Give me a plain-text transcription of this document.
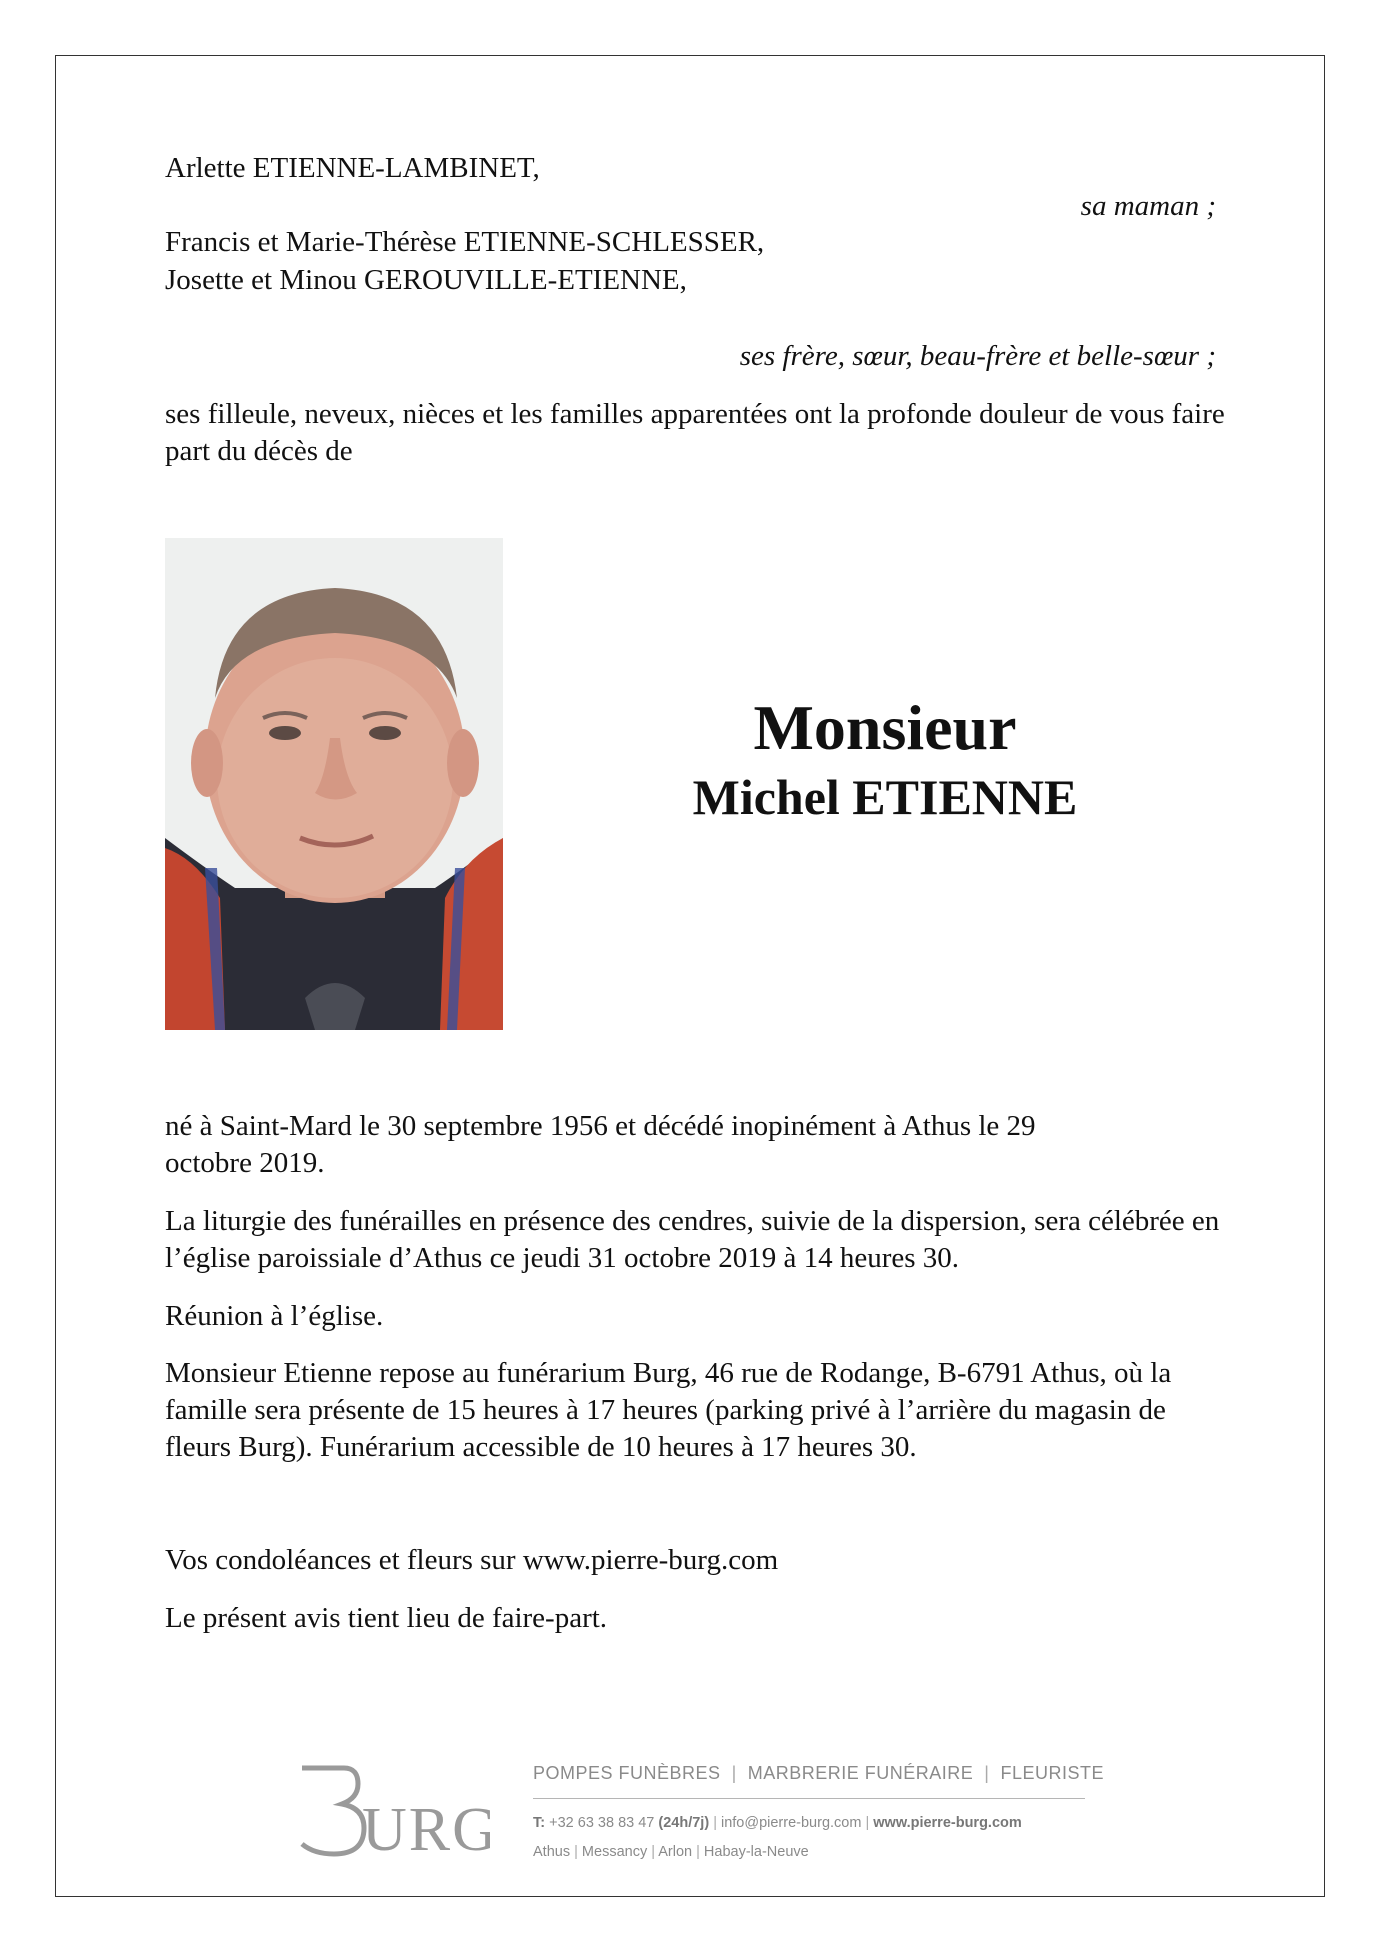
Arlette ETIENNE-LAMBINET,
sa maman ;
Francis et Marie-Thérèse ETIENNE-SCHLESSER,
Josette et Minou GEROUVILLE-ETIENNE,
ses frère, sœur, beau-frère et belle-sœur ;
ses filleule, neveux, nièces et les familles apparentées ont la profonde douleur de vous faire part du décès de
Monsieur
Michel ETIENNE
né à Saint-Mard le 30 septembre 1956 et décédé inopinément à Athus le 29 octobre 2019.
La liturgie des funérailles en présence des cendres, suivie de la dispersion, sera célébrée en l’église paroissiale d’Athus ce jeudi 31 octobre 2019 à 14 heures 30.
Réunion à l’église.
Monsieur Etienne repose au funérarium Burg, 46 rue de Rodange, B-6791 Athus, où la famille sera présente de 15 heures à 17 heures (parking privé à l’arrière du magasin de fleurs Burg). Funérarium accessible de 10 heures à 17 heures 30.
Vos condoléances et fleurs sur www.pierre-burg.com
Le présent avis tient lieu de faire-part.
URG
POMPES FUNÈBRES  |  MARBRERIE FUNÉRAIRE  |  FLEURISTE
T: +32 63 38 83 47 (24h/7j) | info@pierre-burg.com | www.pierre-burg.com
Athus | Messancy | Arlon | Habay-la-Neuve
